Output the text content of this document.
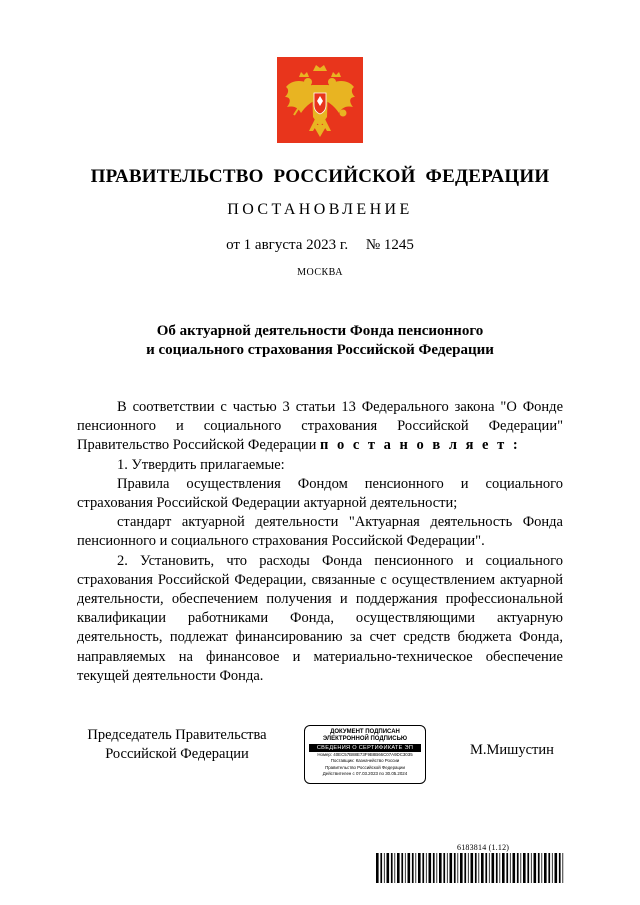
ПРАВИТЕЛЬСТВО РОССИЙСКОЙ ФЕДЕРАЦИИ
ПОСТАНОВЛЕНИЕ
от 1 августа 2023 г. № 1245
МОСКВА
Об актуарной деятельности Фонда пенсионного
и социального страхования Российской Федерации

В соответствии с частью 3 статьи 13 Федерального закона "О Фонде пенсионного и социального страхования Российской Федерации" Правительство Российской Федерации п о с т а н о в л я е т :

1. Утвердить прилагаемые:

Правила осуществления Фондом пенсионного и социального страхования Российской Федерации актуарной деятельности;

стандарт актуарной деятельности "Актуарная деятельность Фонда пенсионного и социального страхования Российской Федерации".

2. Установить, что расходы Фонда пенсионного и социального страхования Российской Федерации, связанные с осуществлением актуарной деятельности, обеспечением получения и поддержания профессиональной квалификации работниками Фонда, осуществляющими актуарную деятельность, подлежат финансированию за счет средств бюджета Фонда, направляемых на финансовое и материально-техническое обеспечение текущей деятельности Фонда.

Председатель Правительства
Российской Федерации
ДОКУМЕНТ ПОДПИСАН
ЭЛЕКТРОННОЙ ПОДПИСЬЮ
СВЕДЕНИЯ О СЕРТИФИКАТЕ ЭП
Номер: 40EC57B88E73F9B8B66C07A9DC3035
Поставщик: Казначейство России
Правительство Российской Федерации
Действителен с 07.03.2023 по 30.05.2024
М.Мишустин
6183814 (1.12)
